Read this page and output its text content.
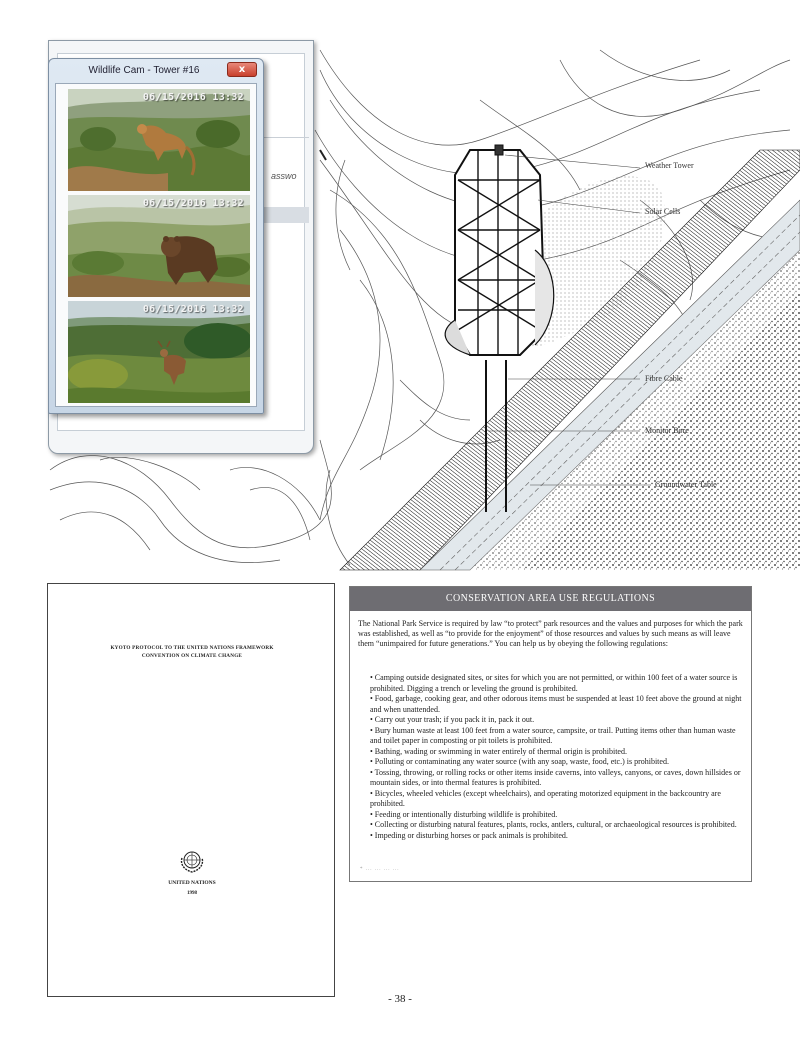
Weather Tower
Solar Cells
Fibre Cable
Monitor Bore
Groundwater Table
asswo
Wildlife Cam - Tower #16	x
06/15/2016 13:32
06/15/2016 13:32
06/15/2016 13:32
KYOTO PROTOCOL TO THE UNITED NATIONS FRAMEWORK
CONVENTION ON CLIMATE CHANGE
UNITED NATIONS
1998
CONSERVATION AREA USE REGULATIONS
The National Park Service is required by law “to protect” park resources and the values and purposes for which the park was established, as well as “to provide for the enjoyment” of those resources and values by such means as will leave them “unimpaired for future generations.” You can help us by obeying the following regulations:
• Camping outside designated sites, or sites for which you are not permitted, or within 100 feet of a water source is prohibited. Digging a trench or leveling the ground is prohibited.
• Food, garbage, cooking gear, and other odorous items must be suspended at least 10 feet above the ground at night and when unattended.
• Carry out your trash; if you pack it in, pack it out.
• Bury human waste at least 100 feet from a water source, campsite, or trail. Putting items other than human waste and toilet paper in composting or pit toilets is prohibited.
• Bathing, wading or swimming in water entirely of thermal origin is prohibited.
• Polluting or contaminating any water source (with any soap, waste, food, etc.) is prohibited.
• Tossing, throwing, or rolling rocks or other items inside caverns, into valleys, canyons, or caves, down hillsides or mountain sides, or into thermal features is prohibited.
• Bicycles, wheeled vehicles (except wheelchairs), and operating motorized equipment in the backcountry are prohibited.
• Feeding or intentionally disturbing wildlife is prohibited.
• Collecting or disturbing natural features, plants, rocks, antlers, cultural, or archaeological resources is prohibited.
• Impeding or disturbing horses or pack animals is prohibited.
* ... ... ... ...
- 38 -
